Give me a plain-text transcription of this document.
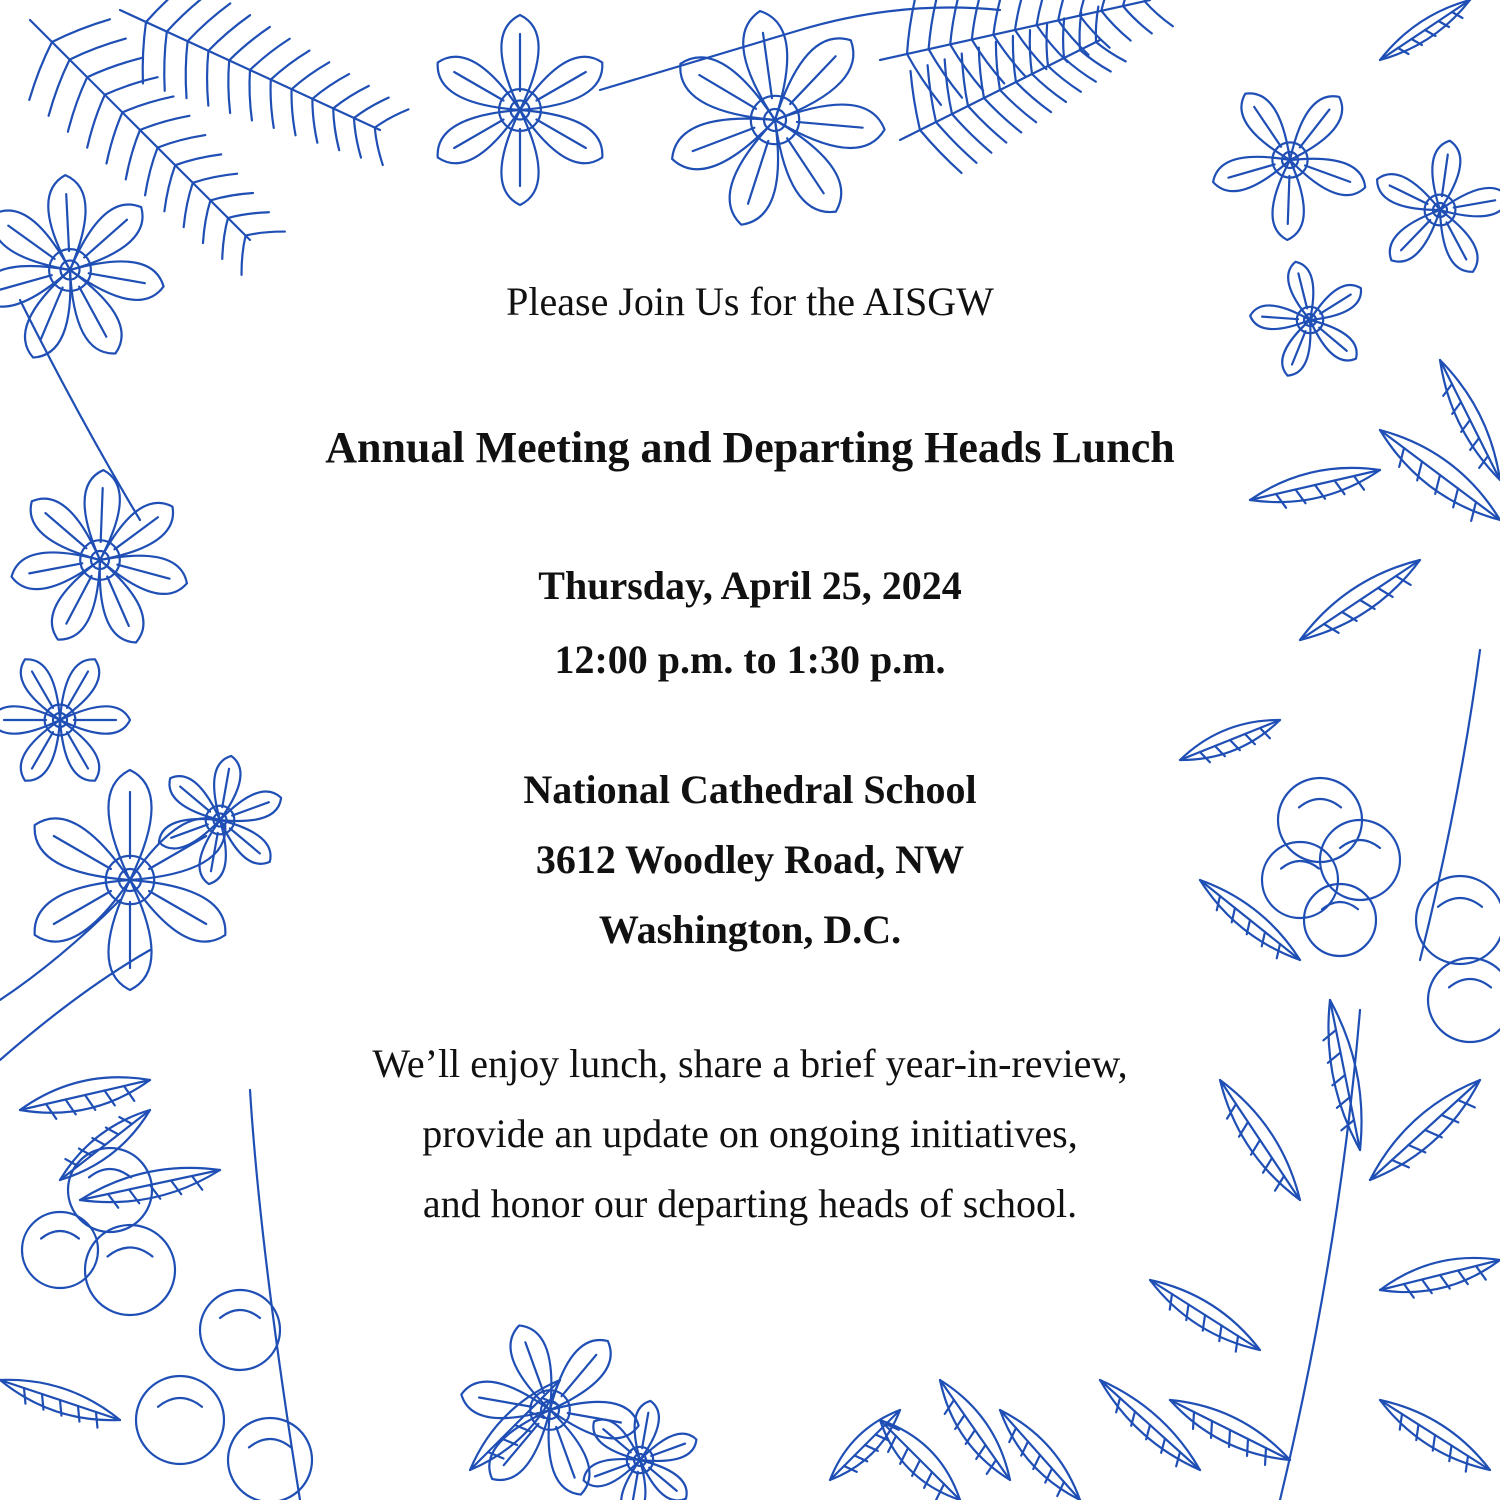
Please Join Us for the AISGW
Annual Meeting and Departing Heads Lunch
Thursday, April 25, 2024
12:00 p.m. to 1:30 p.m.
National Cathedral School
3612 Woodley Road, NW
Washington, D.C.
We’ll enjoy lunch, share a brief year-in-review,
provide an update on ongoing initiatives,
and honor our departing heads of school.
